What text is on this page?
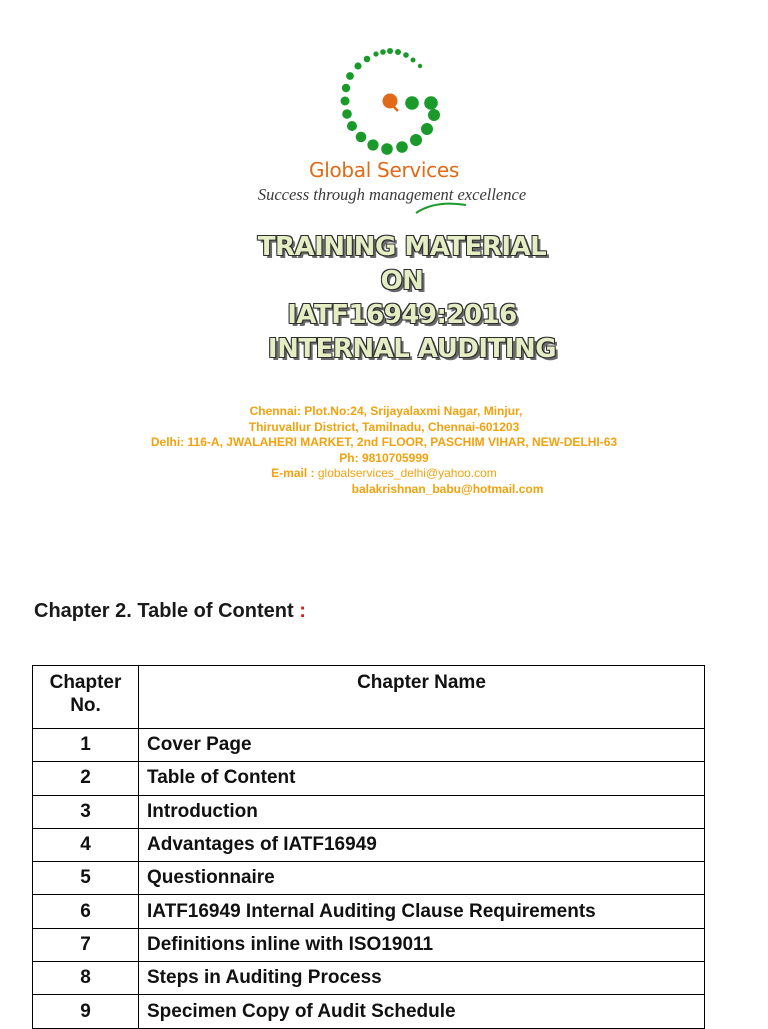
Global Services
Success through management excellence
TRAINING MATERIAL
ON
IATF16949:2016
INTERNAL AUDITING
Chennai: Plot.No:24, Srijayalaxmi Nagar, Minjur,
Thiruvallur District, Tamilnadu, Chennai-601203
Delhi: 116-A, JWALAHERI MARKET, 2nd FLOOR, PASCHIM VIHAR, NEW-DELHI-63
Ph: 9810705999
E-mail : globalservices_delhi@yahoo.com
balakrishnan_babu@hotmail.com
Chapter 2. Table of Content :
Chapter No.	Chapter Name
1	Cover Page
2	Table of Content
3	Introduction
4	Advantages of IATF16949
5	Questionnaire
6	IATF16949 Internal Auditing Clause Requirements
7	Definitions inline with ISO19011
8	Steps in Auditing Process
9	Specimen Copy of Audit Schedule
